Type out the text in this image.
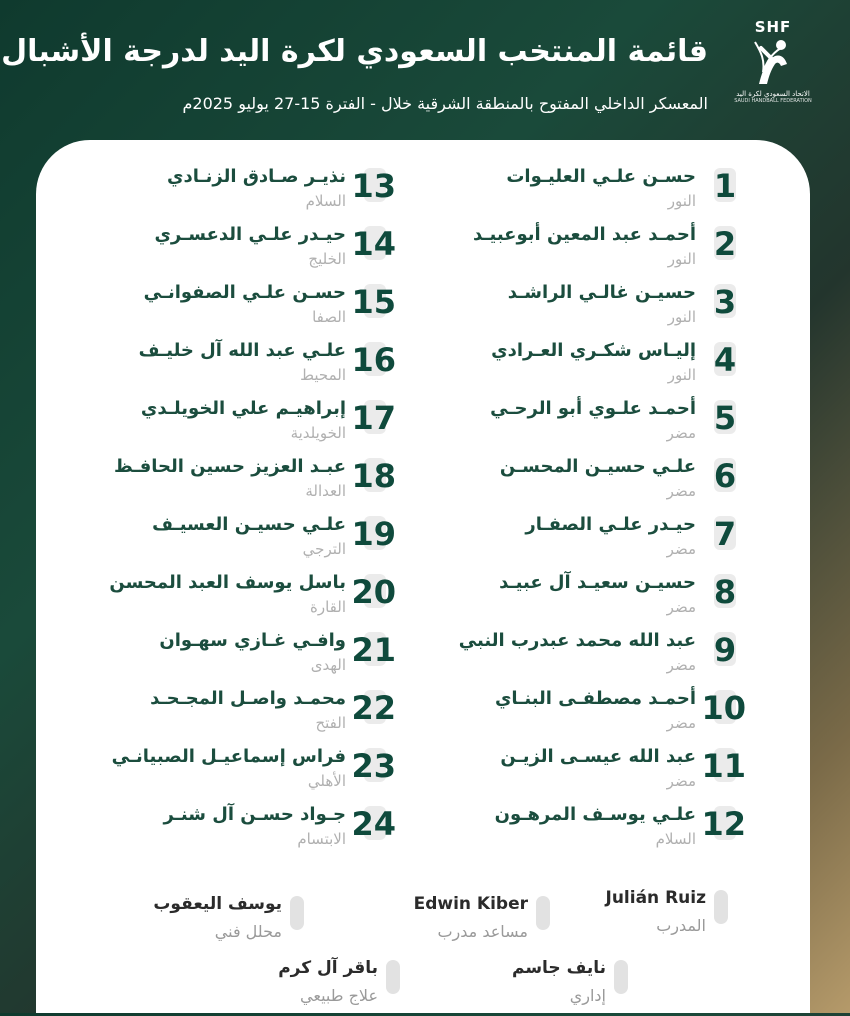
SHF
الاتحاد السعودي لكرة اليد
SAUDI HANDBALL FEDERATION
قائمة المنتخب السعودي لكرة اليد لدرجة الأشبال
المعسكر الداخلي المفتوح بالمنطقة الشرقية خلال - الفترة 15-27 يوليو 2025م
1
حسـن علـي العليـوات
النور
2
أحمـد عبد المعين أبوعبيـد
النور
3
حسيـن غالـي الراشـد
النور
4
إليـاس شكـري العـرادي
النور
5
أحمـد علـوي أبو الرحـي
مضر
6
علـي حسيـن المحسـن
مضر
7
حيـدر علـي الصفـار
مضر
8
حسيـن سعيـد آل عبيـد
مضر
9
عبد الله محمد عبدرب النبي
مضر
10
أحمـد مصطفـى البنـاي
مضر
11
عبد الله عيسـى الزيـن
مضر
12
علـي يوسـف المرهـون
السلام
13
نذيـر صـادق الزنـادي
السلام
14
حيـدر علـي الدعسـري
الخليج
15
حسـن علـي الصفوانـي
الصفا
16
علـي عبد الله آل خليـف
المحيط
17
إبراهيـم علي الخويلـدي
الخويلدية
18
عبـد العزيز حسين الحافـظ
العدالة
19
علـي حسيـن العسيـف
الترجي
20
باسل يوسف العبد المحسن
القارة
21
وافـي غـازي سهـوان
الهدى
22
محمـد واصـل المجـحـد
الفتح
23
فراس إسماعيـل الصبيانـي
الأهلي
24
جـواد حسـن آل شنـر
الابتسام
Julián Ruiz
المدرب
Edwin Kiber
مساعد مدرب
يوسف اليعقوب
محلل فني
نايف جاسم
إداري
باقر آل كرم
علاج طبيعي
